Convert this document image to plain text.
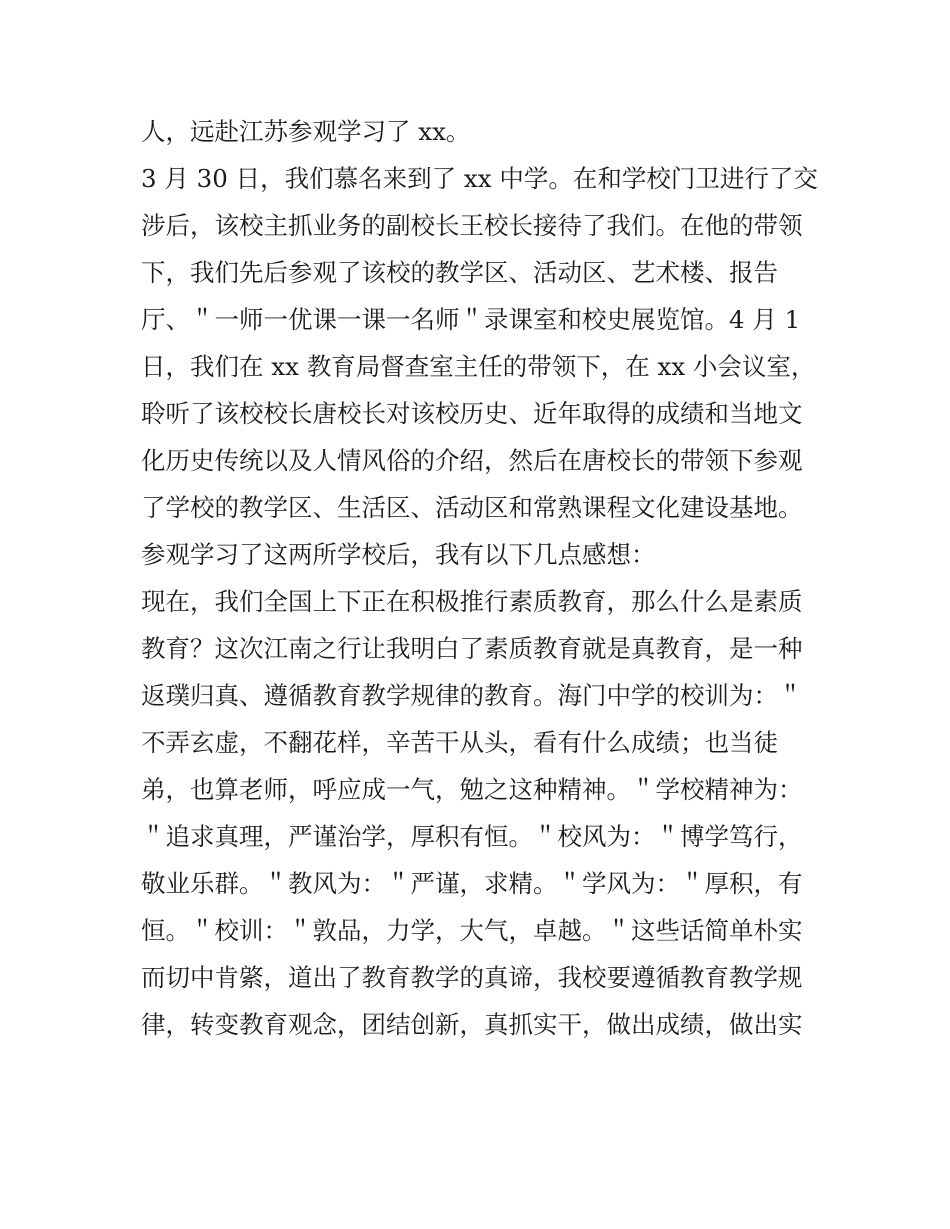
人，远赴江苏参观学习了 xx。
3 月 30 日，我们慕名来到了 xx 中学。在和学校门卫进行了交
涉后，该校主抓业务的副校长王校长接待了我们。在他的带领
下，我们先后参观了该校的教学区、活动区、艺术楼、报告
厅、＂一师一优课一课一名师＂录课室和校史展览馆。4 月 1
日，我们在 xx 教育局督查室主任的带领下，在 xx 小会议室，
聆听了该校校长唐校长对该校历史、近年取得的成绩和当地文
化历史传统以及人情风俗的介绍，然后在唐校长的带领下参观
了学校的教学区、生活区、活动区和常熟课程文化建设基地。
参观学习了这两所学校后，我有以下几点感想：
现在，我们全国上下正在积极推行素质教育，那么什么是素质
教育？这次江南之行让我明白了素质教育就是真教育，是一种
返璞归真、遵循教育教学规律的教育。海门中学的校训为：＂
不弄玄虚，不翻花样，辛苦干从头，看有什么成绩；也当徒
弟，也算老师，呼应成一气，勉之这种精神。＂学校精神为：
＂追求真理，严谨治学，厚积有恒。＂校风为：＂博学笃行，
敬业乐群。＂教风为：＂严谨，求精。＂学风为：＂厚积，有
恒。＂校训：＂敦品，力学，大气，卓越。＂这些话简单朴实
而切中肯綮，道出了教育教学的真谛，我校要遵循教育教学规
律，转变教育观念，团结创新，真抓实干，做出成绩，做出实
